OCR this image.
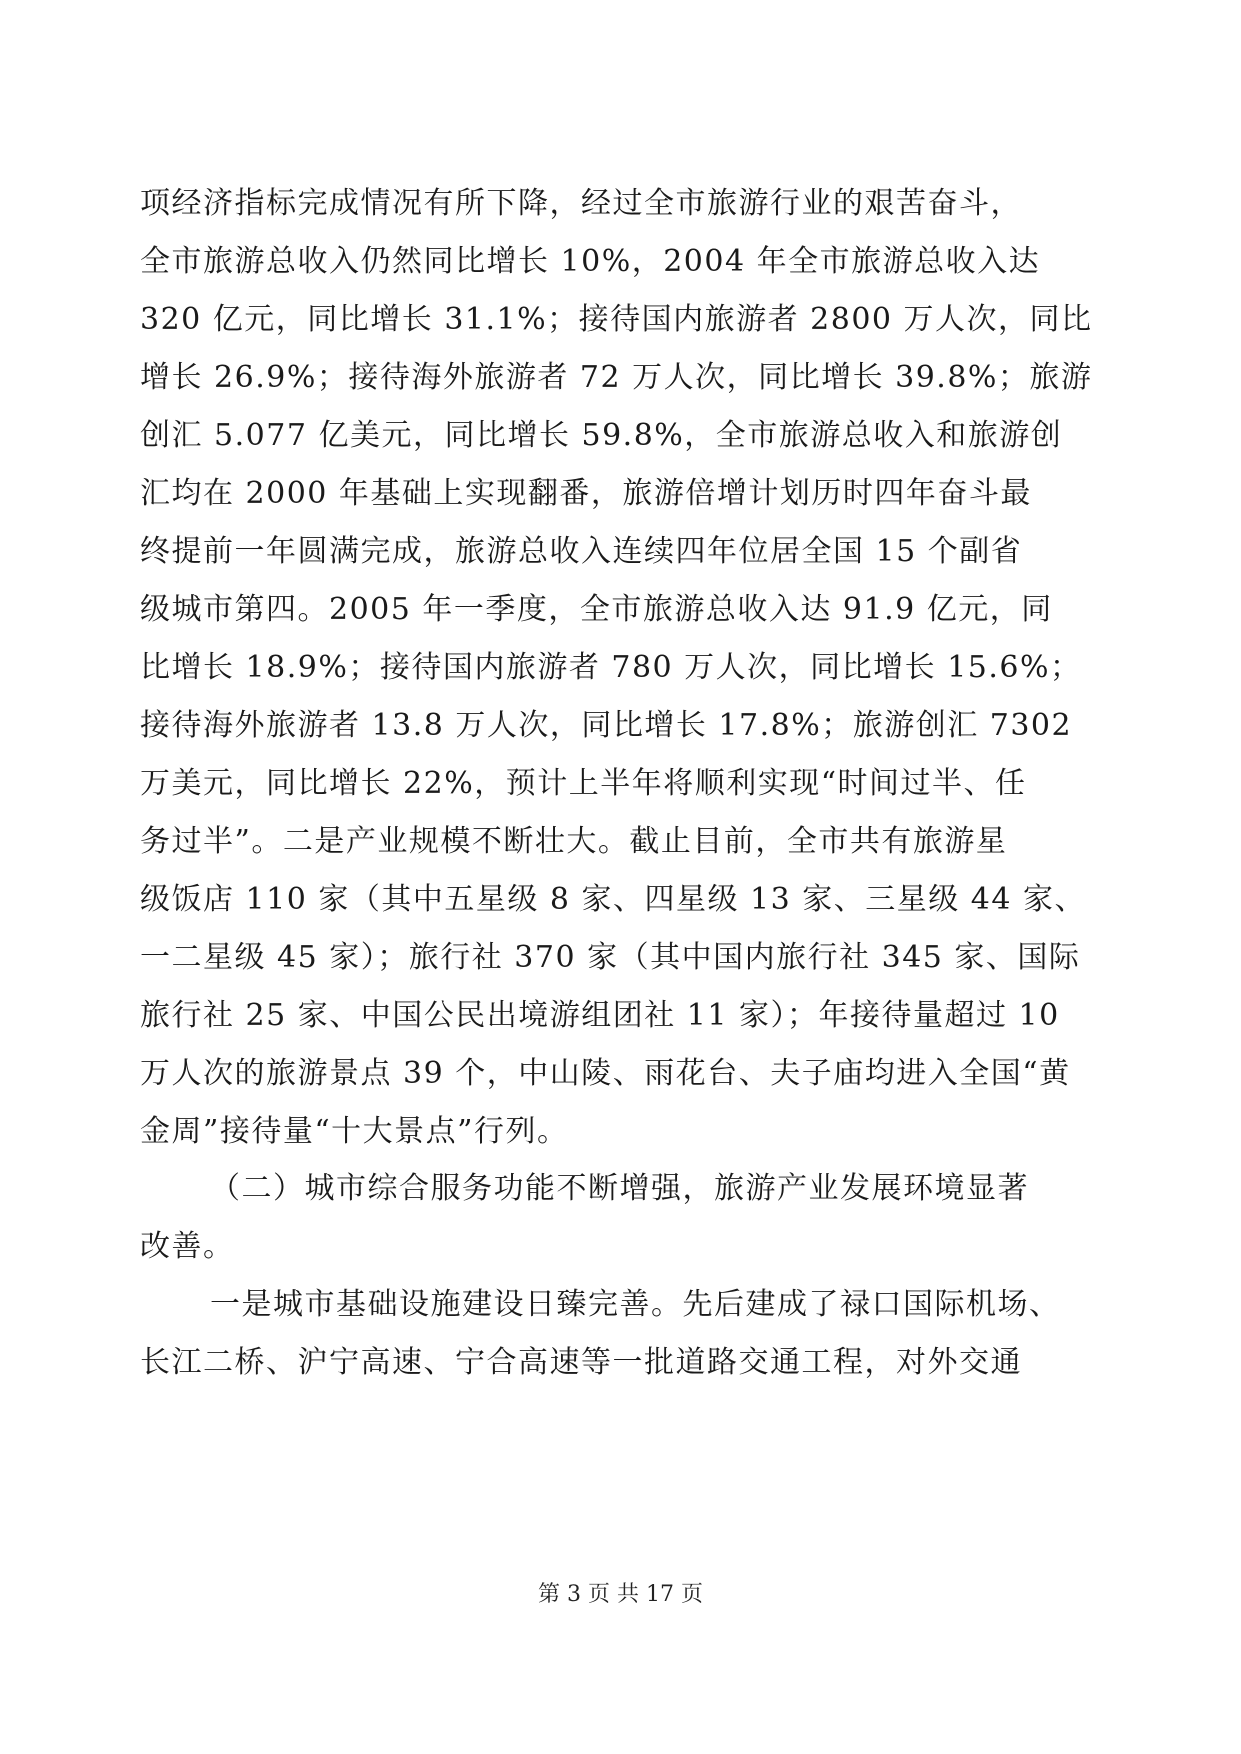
项经济指标完成情况有所下降，经过全市旅游行业的艰苦奋斗，
全市旅游总收入仍然同比增长 10%，2004 年全市旅游总收入达
320 亿元，同比增长 31.1%；接待国内旅游者 2800 万人次，同比
增长 26.9%；接待海外旅游者 72 万人次，同比增长 39.8%；旅游
创汇 5.077 亿美元，同比增长 59.8%，全市旅游总收入和旅游创
汇均在 2000 年基础上实现翻番，旅游倍增计划历时四年奋斗最
终提前一年圆满完成，旅游总收入连续四年位居全国 15 个副省
级城市第四。2005 年一季度，全市旅游总收入达 91.9 亿元，同
比增长 18.9%；接待国内旅游者 780 万人次，同比增长 15.6%；
接待海外旅游者 13.8 万人次，同比增长 17.8%；旅游创汇 7302
万美元，同比增长 22%，预计上半年将顺利实现“时间过半、任
务过半”。二是产业规模不断壮大。截止目前，全市共有旅游星
级饭店 110 家（其中五星级 8 家、四星级 13 家、三星级 44 家、
一二星级 45 家）；旅行社 370 家（其中国内旅行社 345 家、国际
旅行社 25 家、中国公民出境游组团社 11 家）；年接待量超过 10
万人次的旅游景点 39 个，中山陵、雨花台、夫子庙均进入全国“黄
金周”接待量“十大景点”行列。
（二）城市综合服务功能不断增强，旅游产业发展环境显著
改善。
一是城市基础设施建设日臻完善。先后建成了禄口国际机场、
长江二桥、沪宁高速、宁合高速等一批道路交通工程，对外交通
第 3 页 共 17 页
